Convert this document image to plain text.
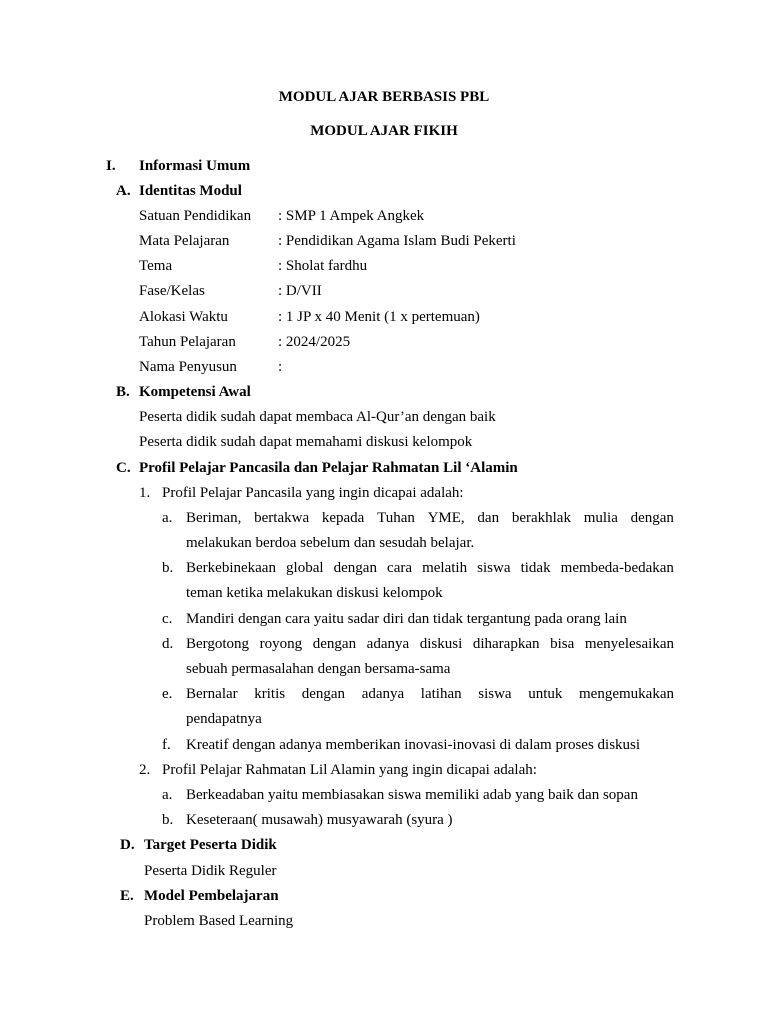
MODUL AJAR BERBASIS PBL
MODUL AJAR FIKIH
I. Informasi Umum
A. Identitas Modul
Satuan Pendidikan : SMP 1 Ampek Angkek
Mata Pelajaran	: Pendidikan Agama Islam Budi Pekerti
Tema	: Sholat fardhu
Fase/Kelas	: D/VII
Alokasi Waktu	: 1 JP x 40 Menit (1 x pertemuan)
Tahun Pelajaran	: 2024/2025
Nama Penyusun	:
B. Kompetensi Awal
Peserta didik sudah dapat membaca Al-Qur’an dengan baik
Peserta didik sudah dapat memahami diskusi kelompok
C. Profil Pelajar Pancasila dan Pelajar Rahmatan Lil ‘Alamin
1. Profil Pelajar Pancasila yang ingin dicapai adalah:
a. Beriman, bertakwa kepada Tuhan YME, dan berakhlak mulia dengan
melakukan berdoa sebelum dan sesudah belajar.
b. Berkebinekaan global dengan cara melatih siswa tidak membeda-bedakan
teman ketika melakukan diskusi kelompok
c. Mandiri dengan cara yaitu sadar diri dan tidak tergantung pada orang lain
d. Bergotong royong dengan adanya diskusi diharapkan bisa menyelesaikan
sebuah permasalahan dengan bersama-sama
e. Bernalar kritis dengan adanya latihan siswa untuk mengemukakan
pendapatnya
f. Kreatif dengan adanya memberikan inovasi-inovasi di dalam proses diskusi
2. Profil Pelajar Rahmatan Lil Alamin yang ingin dicapai adalah:
a. Berkeadaban yaitu membiasakan siswa memiliki adab yang baik dan sopan
b. Keseteraan( musawah) musyawarah (syura )
D. Target Peserta Didik
Peserta Didik Reguler
E. Model Pembelajaran
Problem Based Learning
